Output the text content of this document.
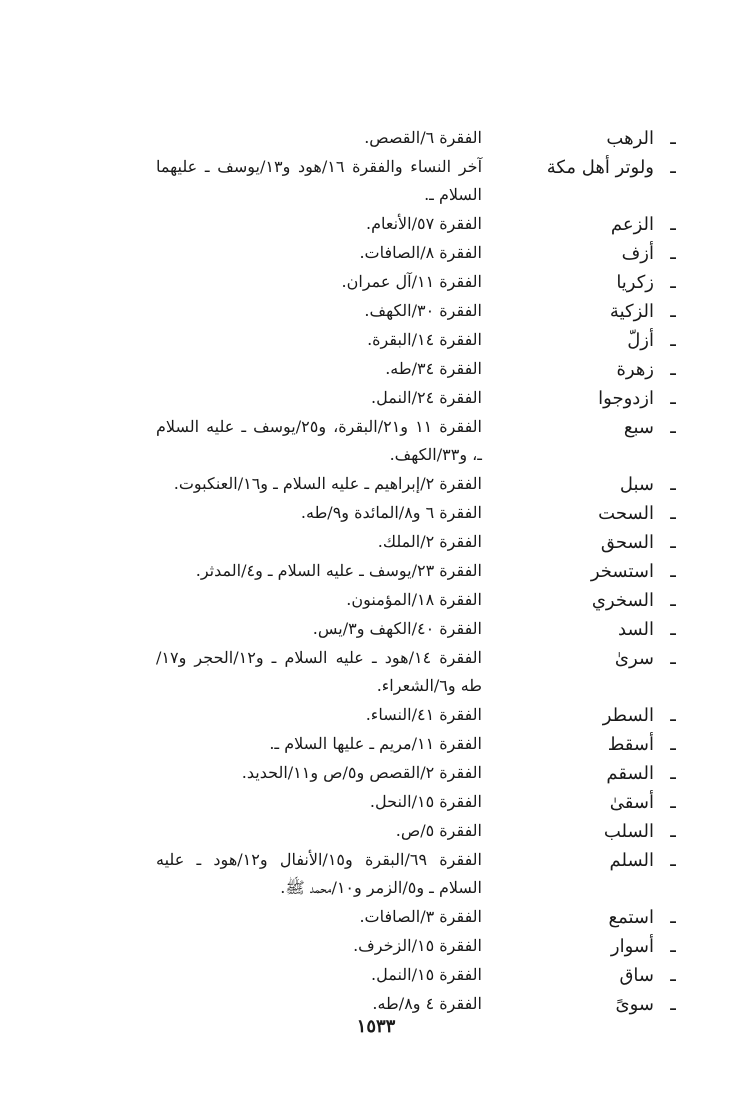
ـ
الرهب
الفقرة ٦/القصص.
ـ
ولوتر أهل مكة
آخر النساء والفقرة ١٦/هود و١٣/يوسف ـ عليهما السلام ـ.
ـ
الزعم
الفقرة ٥٧/الأنعام.
ـ
أزف
الفقرة ٨/الصافات.
ـ
زكريا
الفقرة ١١/آل عمران.
ـ
الزكية
الفقرة ٣٠/الكهف.
ـ
أزلّ
الفقرة ١٤/البقرة.
ـ
زهرة
الفقرة ٣٤/طه.
ـ
ازدوجوا
الفقرة ٢٤/النمل.
ـ
سبع
الفقرة ١١ و٢١/البقرة، و٢٥/يوسف ـ عليه السلام ـ، و٣٣/الكهف.
ـ
سبل
الفقرة ٢/إبراهيم ـ عليه السلام ـ و١٦/العنكبوت.
ـ
السحت
الفقرة ٦ و٨/المائدة و٩/طه.
ـ
السحق
الفقرة ٢/الملك.
ـ
استسخر
الفقرة ٢٣/يوسف ـ عليه السلام ـ و٤/المدثر.
ـ
السخري
الفقرة ١٨/المؤمنون.
ـ
السد
الفقرة ٤٠/الكهف و٣/يس.
ـ
سرىٰ
الفقرة ١٤/هود ـ عليه السلام ـ و١٢/الحجر و١٧/طه و٦/الشعراء.
ـ
السطر
الفقرة ٤١/النساء.
ـ
أسقط
الفقرة ١١/مريم ـ عليها السلام ـ.
ـ
السقم
الفقرة ٢/القصص و٥/ص و١١/الحديد.
ـ
أسقىٰ
الفقرة ١٥/النحل.
ـ
السلب
الفقرة ٥/ص.
ـ
السلم
الفقرة ٦٩/البقرة و١٥/الأنفال و١٢/هود ـ عليه السلام ـ و٥/الزمر و١٠/محمد ﷺ.
ـ
استمع
الفقرة ٣/الصافات.
ـ
أسوار
الفقرة ١٥/الزخرف.
ـ
ساق
الفقرة ١٥/النمل.
ـ
سوىً
الفقرة ٤ و٨/طه.
١٥٣٣
